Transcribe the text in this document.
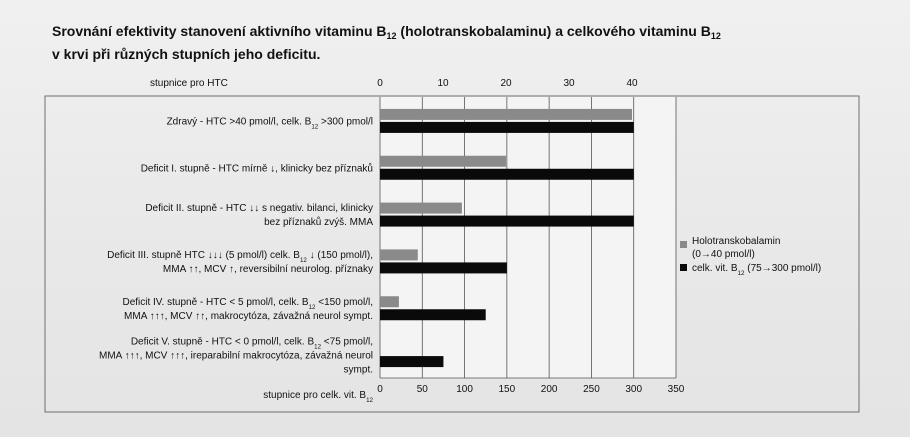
Srovnání efektivity stanovení aktivního vitaminu $B_{12}$ (holotranskobalaminu) a celkového vitaminu $B_{12}$
v krvi při různých stupních jeho deficitu.
stupnice pro HTC	0	10	20	30	40
stupnice pro celk. vit. $B_{12}$
0	50	100	150	200	250	300	350
Zdravý - HTC >40 pmol/l, celk. $B_{12} >300$ pmol/l
Deficit I. stupně - HTC mírně ↓, klinicky bez příznaků
Deficit II. stupně - HTC ↓↓ s negativ. bilanci, klinicky
bez příznaků zvýš. MMA
Deficit III. stupně HTC ↓↓↓ (5 pmol/l) celk. $B_{12}$ ↓ (150 pmol/l),
MMA ↑↑, MCV ↑, reversibilní neurolog. příznaky
Deficit IV. stupně - HTC < 5 pmol/l, celk. $B_{12} <150$ pmol/l,
MMA ↑↑↑, MCV ↑↑, makrocytóza, závažná neurol sympt.
Deficit V. stupně - HTC < 0 pmol/l, celk. $B_{12} <75$ pmol/l,
MMA ↑↑↑, MCV ↑↑↑, ireparabilní makrocytóza, závažná neurol
sympt.
Holotranskobalamin
(0→40 pmol/l)
celk. vit. $B_{12}$ (75→300 pmol/l)
